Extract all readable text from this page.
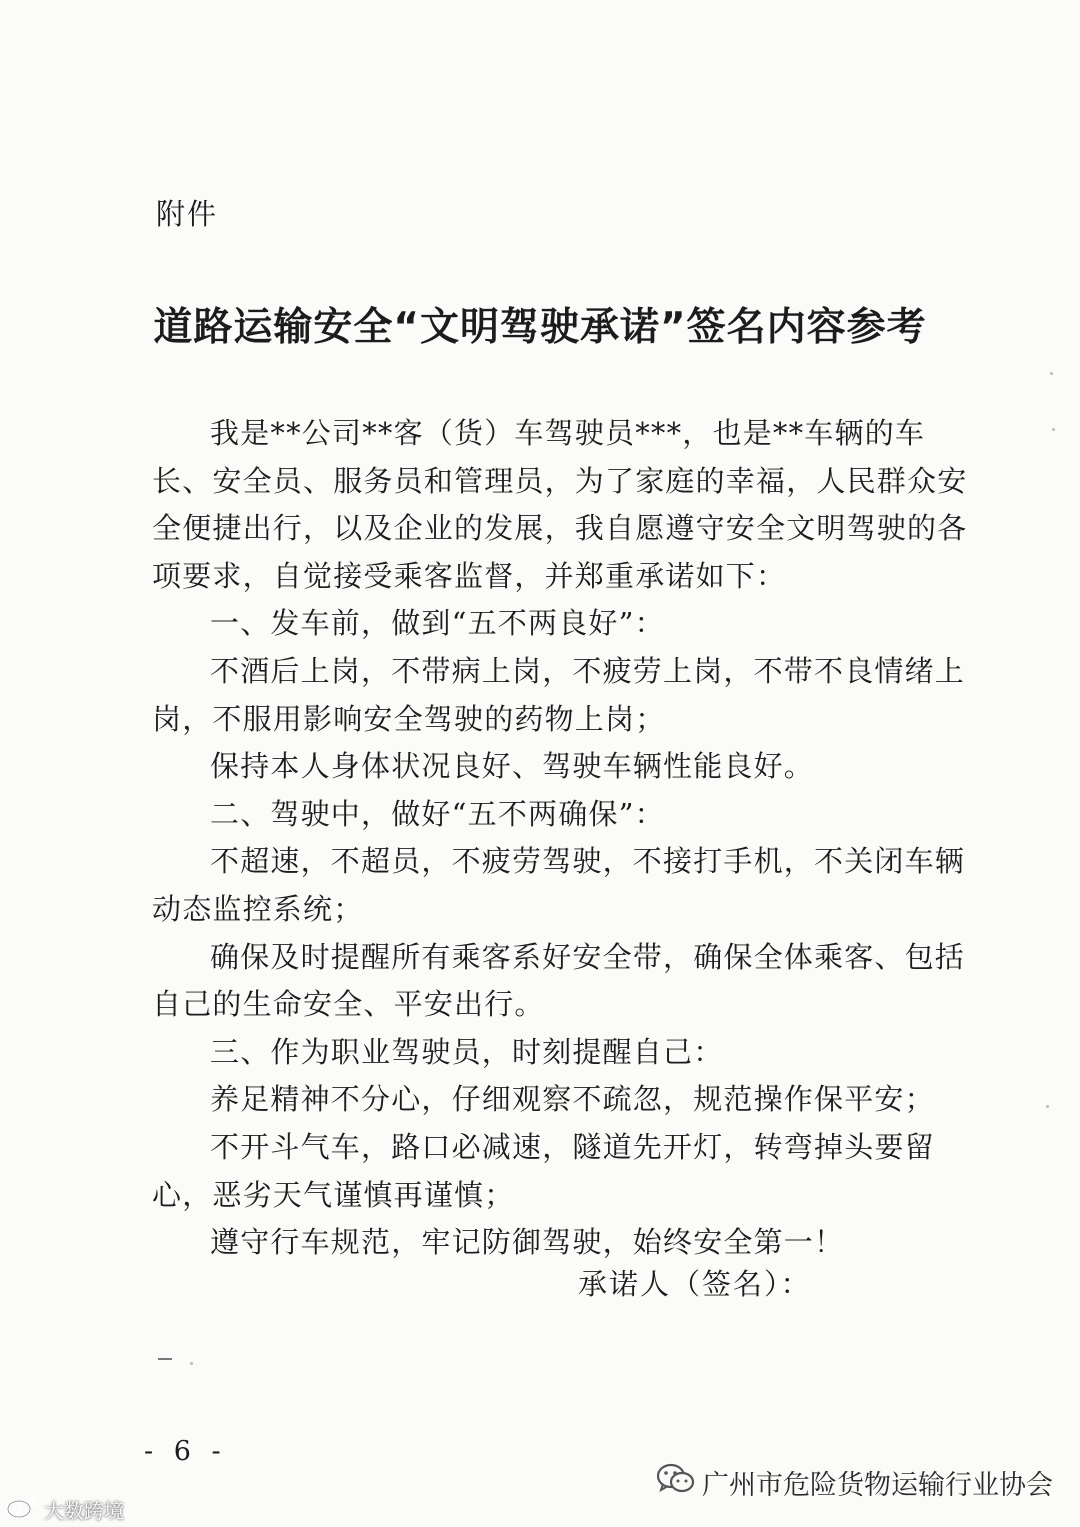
附件
道路运输安全“文明驾驶承诺”签名内容参考

我是**公司**客（货）车驾驶员***，也是**车辆的车长、安全员、服务员和管理员，为了家庭的幸福，人民群众安全便捷出行，以及企业的发展，我自愿遵守安全文明驾驶的各项要求，自觉接受乘客监督，并郑重承诺如下：

一、发车前，做到“五不两良好”：

不酒后上岗，不带病上岗，不疲劳上岗，不带不良情绪上岗，不服用影响安全驾驶的药物上岗；

保持本人身体状况良好、驾驶车辆性能良好。

二、驾驶中，做好“五不两确保”：

不超速，不超员，不疲劳驾驶，不接打手机，不关闭车辆动态监控系统；

确保及时提醒所有乘客系好安全带，确保全体乘客、包括自己的生命安全、平安出行。

三、作为职业驾驶员，时刻提醒自己：

养足精神不分心，仔细观察不疏忽，规范操作保平安；

不开斗气车，路口必减速，隧道先开灯，转弯掉头要留心，恶劣天气谨慎再谨慎；

遵守行车规范，牢记防御驾驶，始终安全第一！

承诺人（签名）：
- 6 -
广州市危险货物运输行业协会
大数跨境
